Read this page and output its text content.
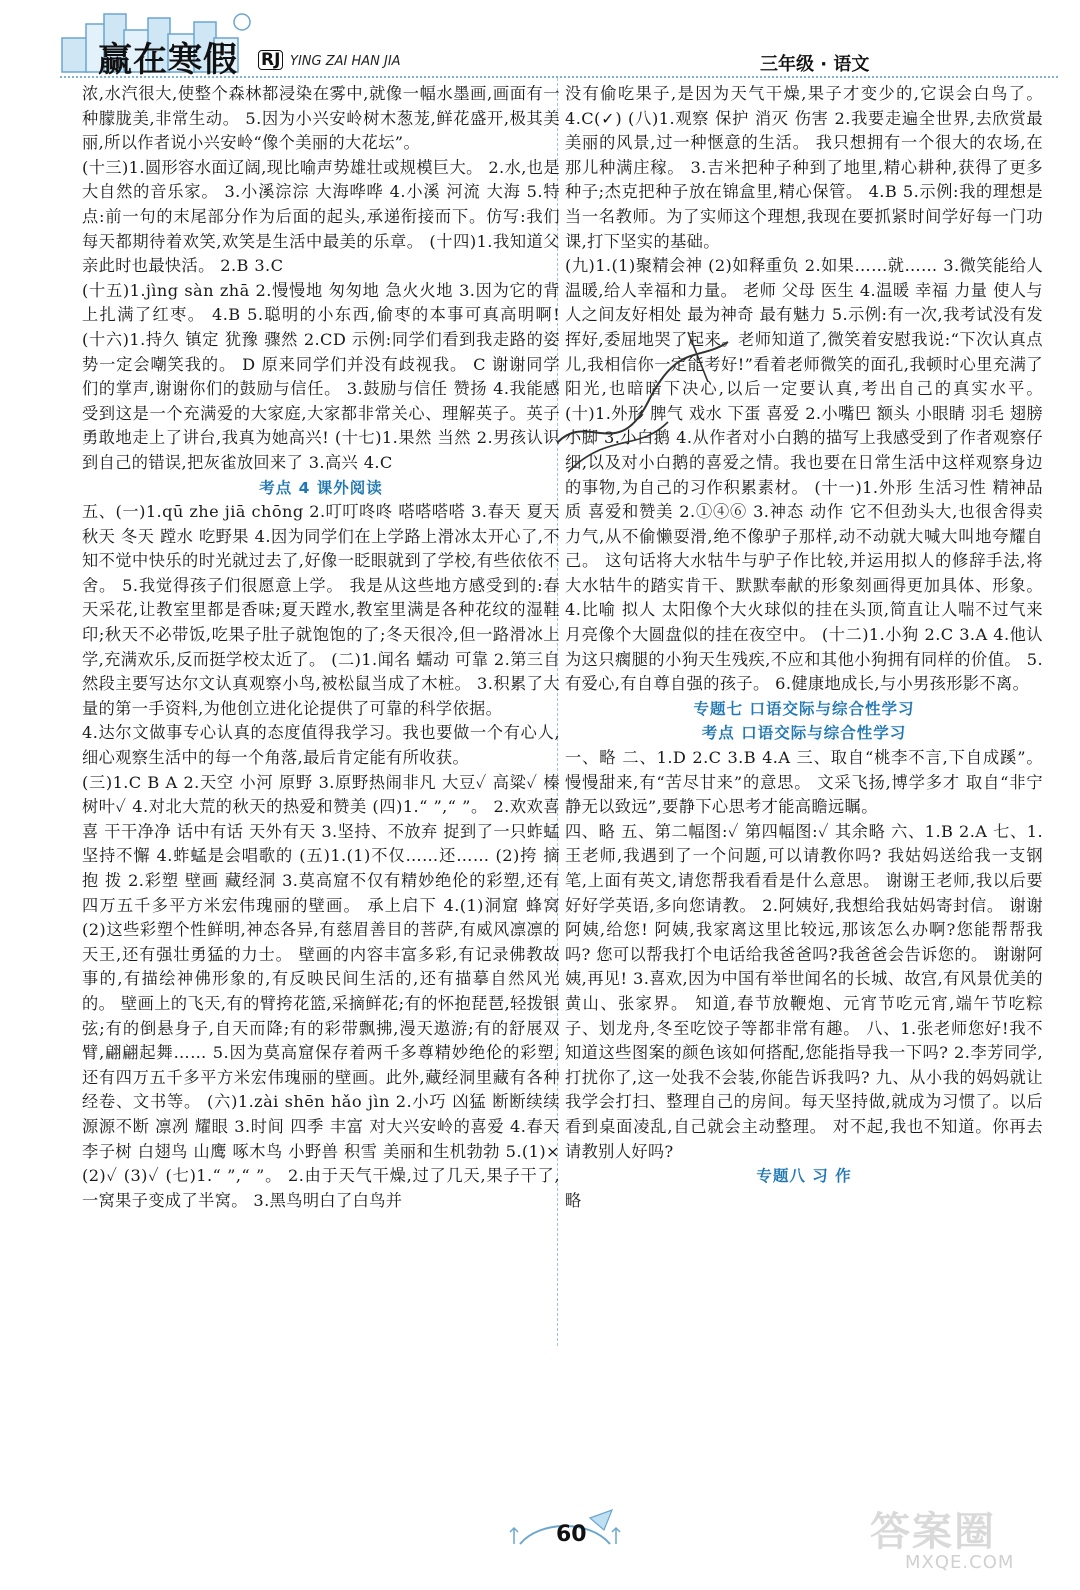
赢在寒假 RJ YING ZAI HAN JIA	三年级 · 语文

浓,水汽很大,使整个森林都浸染在雾中,就像一幅水墨画,画面有一种朦胧美,非常生动。 5.因为小兴安岭树木葱茏,鲜花盛开,极其美丽,所以作者说小兴安岭“像个美丽的大花坛”。

(十三)1.圆形容水面辽阔,现比喻声势雄壮或规模巨大。 2.水,也是大自然的音乐家。 3.小溪淙淙 大海哗哗 4.小溪 河流 大海 5.特点:前一句的末尾部分作为后面的起头,承递衔接而下。仿写:我们每天都期待着欢笑,欢笑是生活中最美的乐章。 (十四)1.我知道父亲此时也最快活。 2.B 3.C

(十五)1.jìng sàn zhā 2.慢慢地 匆匆地 急火火地 3.因为它的背上扎满了红枣。 4.B 5.聪明的小东西,偷枣的本事可真高明啊! (十六)1.持久 镇定 犹豫 骤然 2.CD 示例:同学们看到我走路的姿势一定会嘲笑我的。 D 原来同学们并没有歧视我。 C 谢谢同学们的掌声,谢谢你们的鼓励与信任。 3.鼓励与信任 赞扬 4.我能感受到这是一个充满爱的大家庭,大家都非常关心、理解英子。英子勇敢地走上了讲台,我真为她高兴! (十七)1.果然 当然 2.男孩认识到自己的错误,把灰雀放回来了 3.高兴 4.C

考点 4 课外阅读

五、(一)1.qū zhe jiā chōng 2.叮叮咚咚 嗒嗒嗒嗒 3.春天 夏天 秋天 冬天 蹚水 吃野果 4.因为同学们在上学路上滑冰太开心了,不知不觉中快乐的时光就过去了,好像一眨眼就到了学校,有些依依不舍。 5.我觉得孩子们很愿意上学。 我是从这些地方感受到的:春天采花,让教室里都是香味;夏天蹚水,教室里满是各种花纹的湿鞋印;秋天不必带饭,吃果子肚子就饱饱的了;冬天很冷,但一路滑冰上学,充满欢乐,反而挺学校太近了。 (二)1.闻名 蠕动 可靠 2.第三自然段主要写达尔文认真观察小鸟,被松鼠当成了木桩。 3.积累了大量的第一手资料,为他创立进化论提供了可靠的科学依据。

4.达尔文做事专心认真的态度值得我学习。我也要做一个有心人,细心观察生活中的每一个角落,最后肯定能有所收获。

(三)1.C B A 2.天空 小河 原野 3.原野热闹非凡 大豆✓ 高粱✓ 榛树叶✓ 4.对北大荒的秋天的热爱和赞美 (四)1.“ ”,“ ”。 2.欢欢喜喜 干干净净 话中有话 天外有天 3.坚持、不放弃 捉到了一只蚱蜢 坚持不懈 4.蚱蜢是会唱歌的 (五)1.(1)不仅……还…… (2)挎 摘 抱 拨 2.彩塑 壁画 藏经洞 3.莫高窟不仅有精妙绝伦的彩塑,还有四万五千多平方米宏伟瑰丽的壁画。 承上启下 4.(1)洞窟 蜂窝 (2)这些彩塑个性鲜明,神态各异,有慈眉善目的菩萨,有威风凛凛的天王,还有强壮勇猛的力士。 壁画的内容丰富多彩,有记录佛教故事的,有描绘神佛形象的,有反映民间生活的,还有描摹自然风光的。 壁画上的飞天,有的臂挎花篮,采摘鲜花;有的怀抱琵琶,轻拨银弦;有的倒悬身子,自天而降;有的彩带飘拂,漫天遨游;有的舒展双臂,翩翩起舞…… 5.因为莫高窟保存着两千多尊精妙绝伦的彩塑,还有四万五千多平方米宏伟瑰丽的壁画。此外,藏经洞里藏有各种经卷、文书等。 (六)1.zài shēn hǎo jìn 2.小巧 凶猛 断断续续 源源不断 凛冽 耀眼 3.时间 四季 丰富 对大兴安岭的喜爱 4.春天 李子树 白翅鸟 山鹰 啄木鸟 小野兽 积雪 美丽和生机勃勃 5.(1)× (2)✓ (3)✓ (七)1.“ ”,“ ”。 2.由于天气干燥,过了几天,果子干了,一窝果子变成了半窝。 3.黑鸟明白了白鸟并

没有偷吃果子,是因为天气干燥,果子才变少的,它误会白鸟了。 4.C(✓) (八)1.观察 保护 消灭 伤害 2.我要走遍全世界,去欣赏最美丽的风景,过一种惬意的生活。 我只想拥有一个很大的农场,在那儿种满庄稼。 3.吉米把种子种到了地里,精心耕种,获得了更多种子;杰克把种子放在锦盒里,精心保管。 4.B 5.示例:我的理想是当一名教师。为了实师这个理想,我现在要抓紧时间学好每一门功课,打下坚实的基础。

(九)1.(1)聚精会神 (2)如释重负 2.如果……就…… 3.微笑能给人温暖,给人幸福和力量。 老师 父母 医生 4.温暖 幸福 力量 使人与人之间友好相处 最为神奇 最有魅力 5.示例:有一次,我考试没有发挥好,委屈地哭了起来。老师知道了,微笑着安慰我说:“下次认真点儿,我相信你一定能考好!”看着老师微笑的面孔,我顿时心里充满了阳光,也暗暗下决心,以后一定要认真,考出自己的真实水平。 (十)1.外形 脾气 戏水 下蛋 喜爱 2.小嘴巴 额头 小眼睛 羽毛 翅膀 小脚 3.小白鹅 4.从作者对小白鹅的描写上我感受到了作者观察仔细,以及对小白鹅的喜爱之情。我也要在日常生活中这样观察身边的事物,为自己的习作积累素材。 (十一)1.外形 生活习性 精神品质 喜爱和赞美 2.①④⑥ 3.神态 动作 它不但劲头大,也很舍得卖力气,从不偷懒耍滑,绝不像驴子那样,动不动就大喊大叫地夸耀自己。 这句话将大水牯牛与驴子作比较,并运用拟人的修辞手法,将大水牯牛的踏实肯干、默默奉献的形象刻画得更加具体、形象。 4.比喻 拟人 太阳像个大火球似的挂在头顶,简直让人喘不过气来 月亮像个大圆盘似的挂在夜空中。 (十二)1.小狗 2.C 3.A 4.他认为这只瘸腿的小狗天生残疾,不应和其他小狗拥有同样的价值。 5.有爱心,有自尊自强的孩子。 6.健康地成长,与小男孩形影不离。

专题七 口语交际与综合性学习

考点 口语交际与综合性学习

一、略 二、1.D 2.C 3.B 4.A 三、取自“桃李不言,下自成蹊”。 慢慢甜来,有“苦尽甘来”的意思。 文采飞扬,博学多才 取自“非宁静无以致远”,要静下心思考才能高瞻远瞩。

四、略 五、第二幅图:✓ 第四幅图:✓ 其余略 六、1.B 2.A 七、1.王老师,我遇到了一个问题,可以请教你吗? 我姑妈送给我一支钢笔,上面有英文,请您帮我看看是什么意思。 谢谢王老师,我以后要好好学英语,多向您请教。 2.阿姨好,我想给我姑妈寄封信。 谢谢阿姨,给您! 阿姨,我家离这里比较远,那该怎么办啊?您能帮帮我吗? 您可以帮我打个电话给我爸爸吗?我爸爸会告诉您的。 谢谢阿姨,再见! 3.喜欢,因为中国有举世闻名的长城、故宫,有风景优美的黄山、张家界。 知道,春节放鞭炮、元宵节吃元宵,端午节吃粽子、划龙舟,冬至吃饺子等都非常有趣。 八、1.张老师您好!我不知道这些图案的颜色该如何搭配,您能指导我一下吗? 2.李芳同学,打扰你了,这一处我不会装,你能告诉我吗? 九、从小我的妈妈就让我学会打扫、整理自己的房间。每天坚持做,就成为习惯了。以后看到桌面凌乱,自己就会主动整理。 对不起,我也不知道。你再去请教别人好吗?

专题八 习 作

略

60	答案圈
MXQE.COM
